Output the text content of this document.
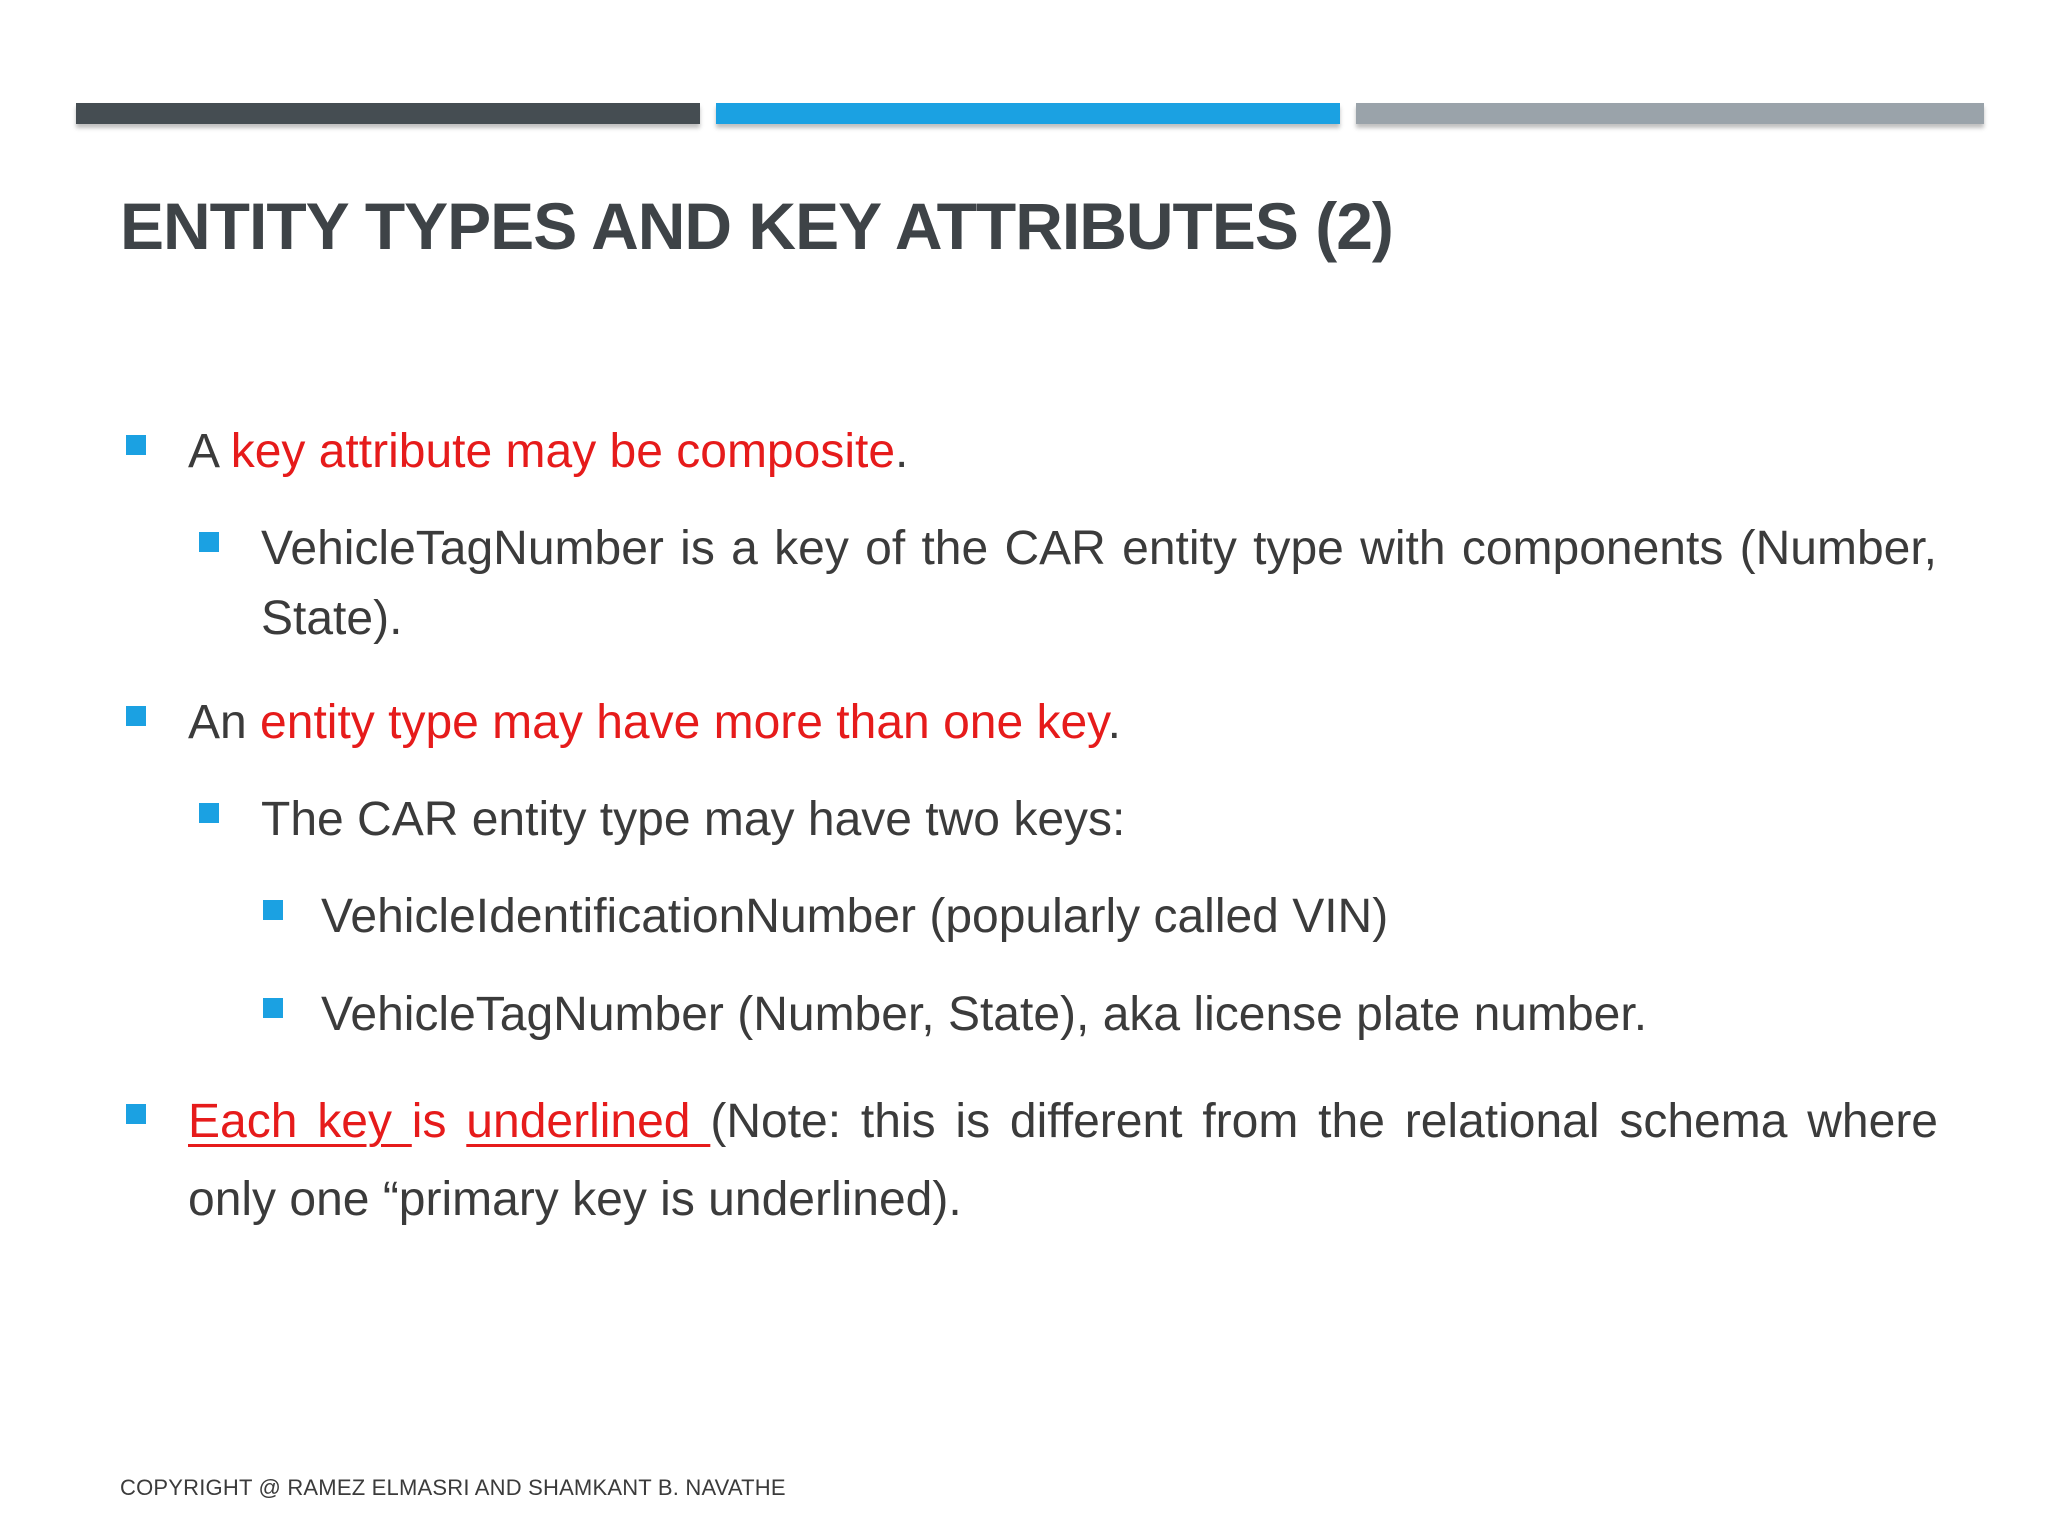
ENTITY TYPES AND KEY ATTRIBUTES (2)
A key attribute may be composite.
VehicleTagNumber is a key of the CAR entity type with components (Number, State).
An entity type may have more than one key.
The CAR entity type may have two keys:
VehicleIdentificationNumber (popularly called VIN)
VehicleTagNumber (Number, State), aka license plate number.
Each key is underlined (Note: this is different from the relational schema where only one “primary key is underlined).
COPYRIGHT @ RAMEZ ELMASRI AND SHAMKANT B. NAVATHE
